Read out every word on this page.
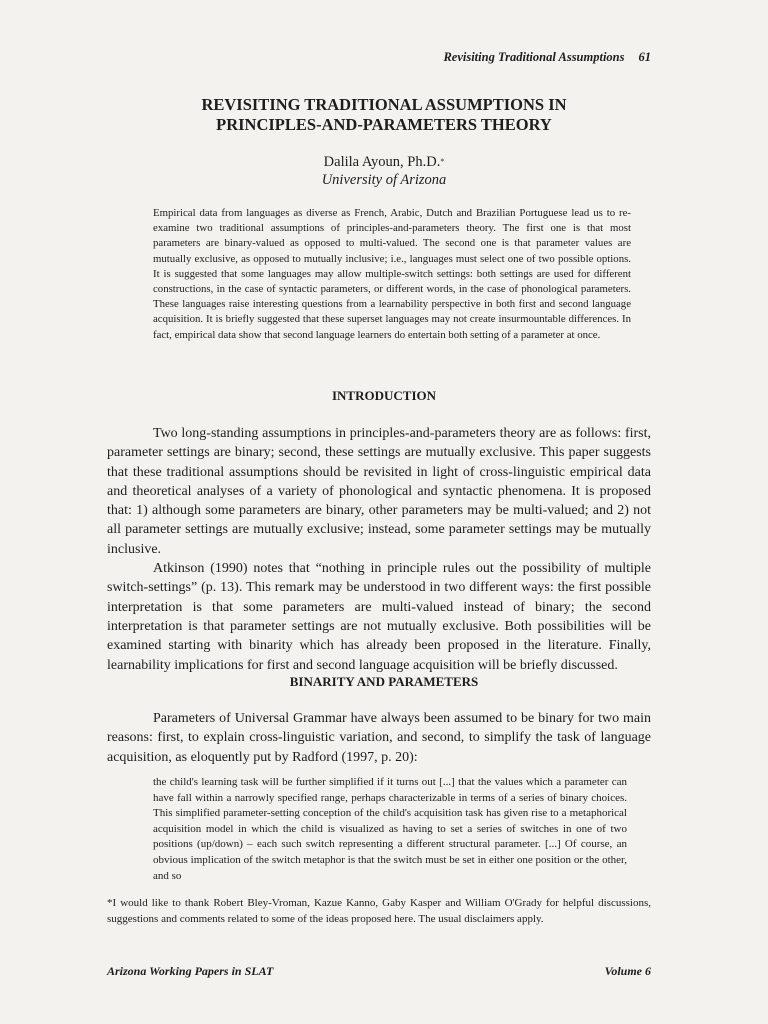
Revisiting Traditional Assumptions 61
REVISITING TRADITIONAL ASSUMPTIONS IN
PRINCIPLES-AND-PARAMETERS THEORY
Dalila Ayoun, Ph.D.*
University of Arizona
Empirical data from languages as diverse as French, Arabic, Dutch and Brazilian Portuguese lead us to re-examine two traditional assumptions of principles-and-parameters theory. The first one is that most parameters are binary-valued as opposed to multi-valued. The second one is that parameter values are mutually exclusive, as opposed to mutually inclusive; i.e., languages must select one of two possible options. It is suggested that some languages may allow multiple-switch settings: both settings are used for different constructions, in the case of syntactic parameters, or different words, in the case of phonological parameters. These languages raise interesting questions from a learnability perspective in both first and second language acquisition. It is briefly suggested that these superset languages may not create insurmountable differences. In fact, empirical data show that second language learners do entertain both setting of a parameter at once.
INTRODUCTION

Two long-standing assumptions in principles-and-parameters theory are as follows: first, parameter settings are binary; second, these settings are mutually exclusive. This paper suggests that these traditional assumptions should be revisited in light of cross-linguistic empirical data and theoretical analyses of a variety of phonological and syntactic phenomena. It is proposed that: 1) although some parameters are binary, other parameters may be multi-valued; and 2) not all parameter settings are mutually exclusive; instead, some parameter settings may be mutually inclusive.

Atkinson (1990) notes that “nothing in principle rules out the possibility of multiple switch-settings” (p. 13). This remark may be understood in two different ways: the first possible interpretation is that some parameters are multi-valued instead of binary; the second interpretation is that parameter settings are not mutually exclusive. Both possibilities will be examined starting with binarity which has already been proposed in the literature. Finally, learnability implications for first and second language acquisition will be briefly discussed.

BINARITY AND PARAMETERS

Parameters of Universal Grammar have always been assumed to be binary for two main reasons: first, to explain cross-linguistic variation, and second, to simplify the task of language acquisition, as eloquently put by Radford (1997, p. 20):

the child's learning task will be further simplified if it turns out [...] that the values which a parameter can have fall within a narrowly specified range, perhaps characterizable in terms of a series of binary choices. This simplified parameter-setting conception of the child's acquisition task has given rise to a metaphorical acquisition model in which the child is visualized as having to set a series of switches in one of two positions (up/down) – each such switch representing a different structural parameter. [...] Of course, an obvious implication of the switch metaphor is that the switch must be set in either one position or the other, and so
*I would like to thank Robert Bley-Vroman, Kazue Kanno, Gaby Kasper and William O'Grady for helpful discussions, suggestions and comments related to some of the ideas proposed here. The usual disclaimers apply.
Arizona Working Papers in SLAT	Volume 6
